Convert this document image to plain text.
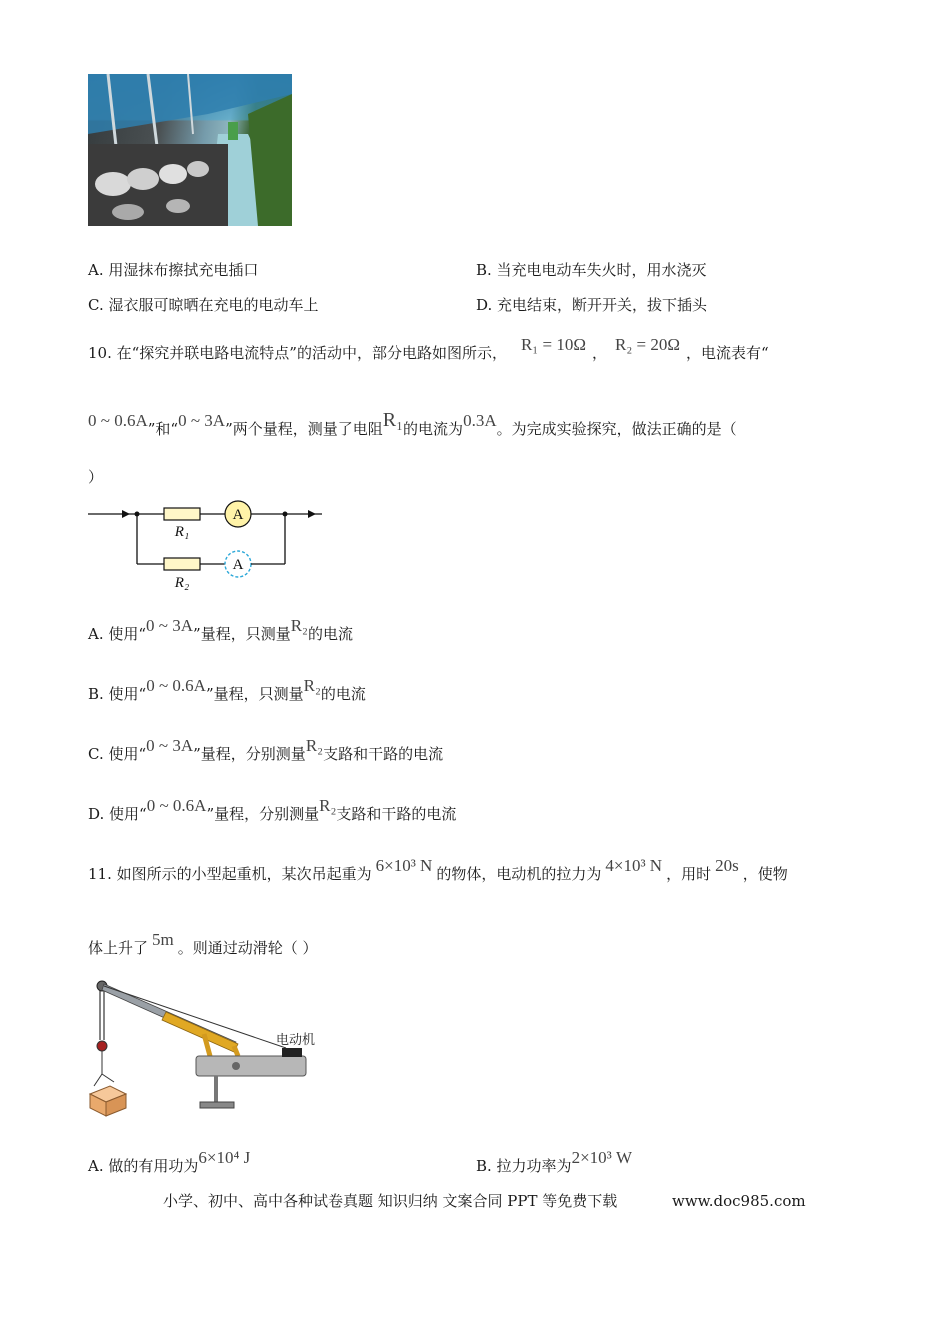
A. 用湿抹布擦拭充电插口	B. 当充电电动车失火时，用水浇灭
C. 湿衣服可晾晒在充电的电动车上	D. 充电结束，断开开关，拔下插头
10. 在“探究并联电路电流特点”的活动中，部分电路如图所示， R₁ = 10Ω ， R₂ = 20Ω ，电流表有“
0 ~ 0.6A”和“0 ~ 3A”两个量程，测量了电阻R₁的电流为0.3A。为完成实验探究，做法正确的是（
）
A
A
R₁
R₂
A. 使用“0 ~ 3A”量程，只测量R₂的电流
B. 使用“0 ~ 0.6A”量程，只测量R₂的电流
C. 使用“0 ~ 3A”量程，分别测量R₂支路和干路的电流
D. 使用“0 ~ 0.6A”量程，分别测量R₂支路和干路的电流
11. 如图所示的小型起重机，某次吊起重为 6×10³ N 的物体，电动机的拉力为 4×10³ N ，用时 20s ，使物
体上升了 5m 。则通过动滑轮（ ）
电动机
A. 做的有用功为6×10⁴ J	B. 拉力功率为2×10³ W
小学、初中、高中各种试卷真题 知识归纳 文案合同 PPT 等免费下载	www.doc985.com
